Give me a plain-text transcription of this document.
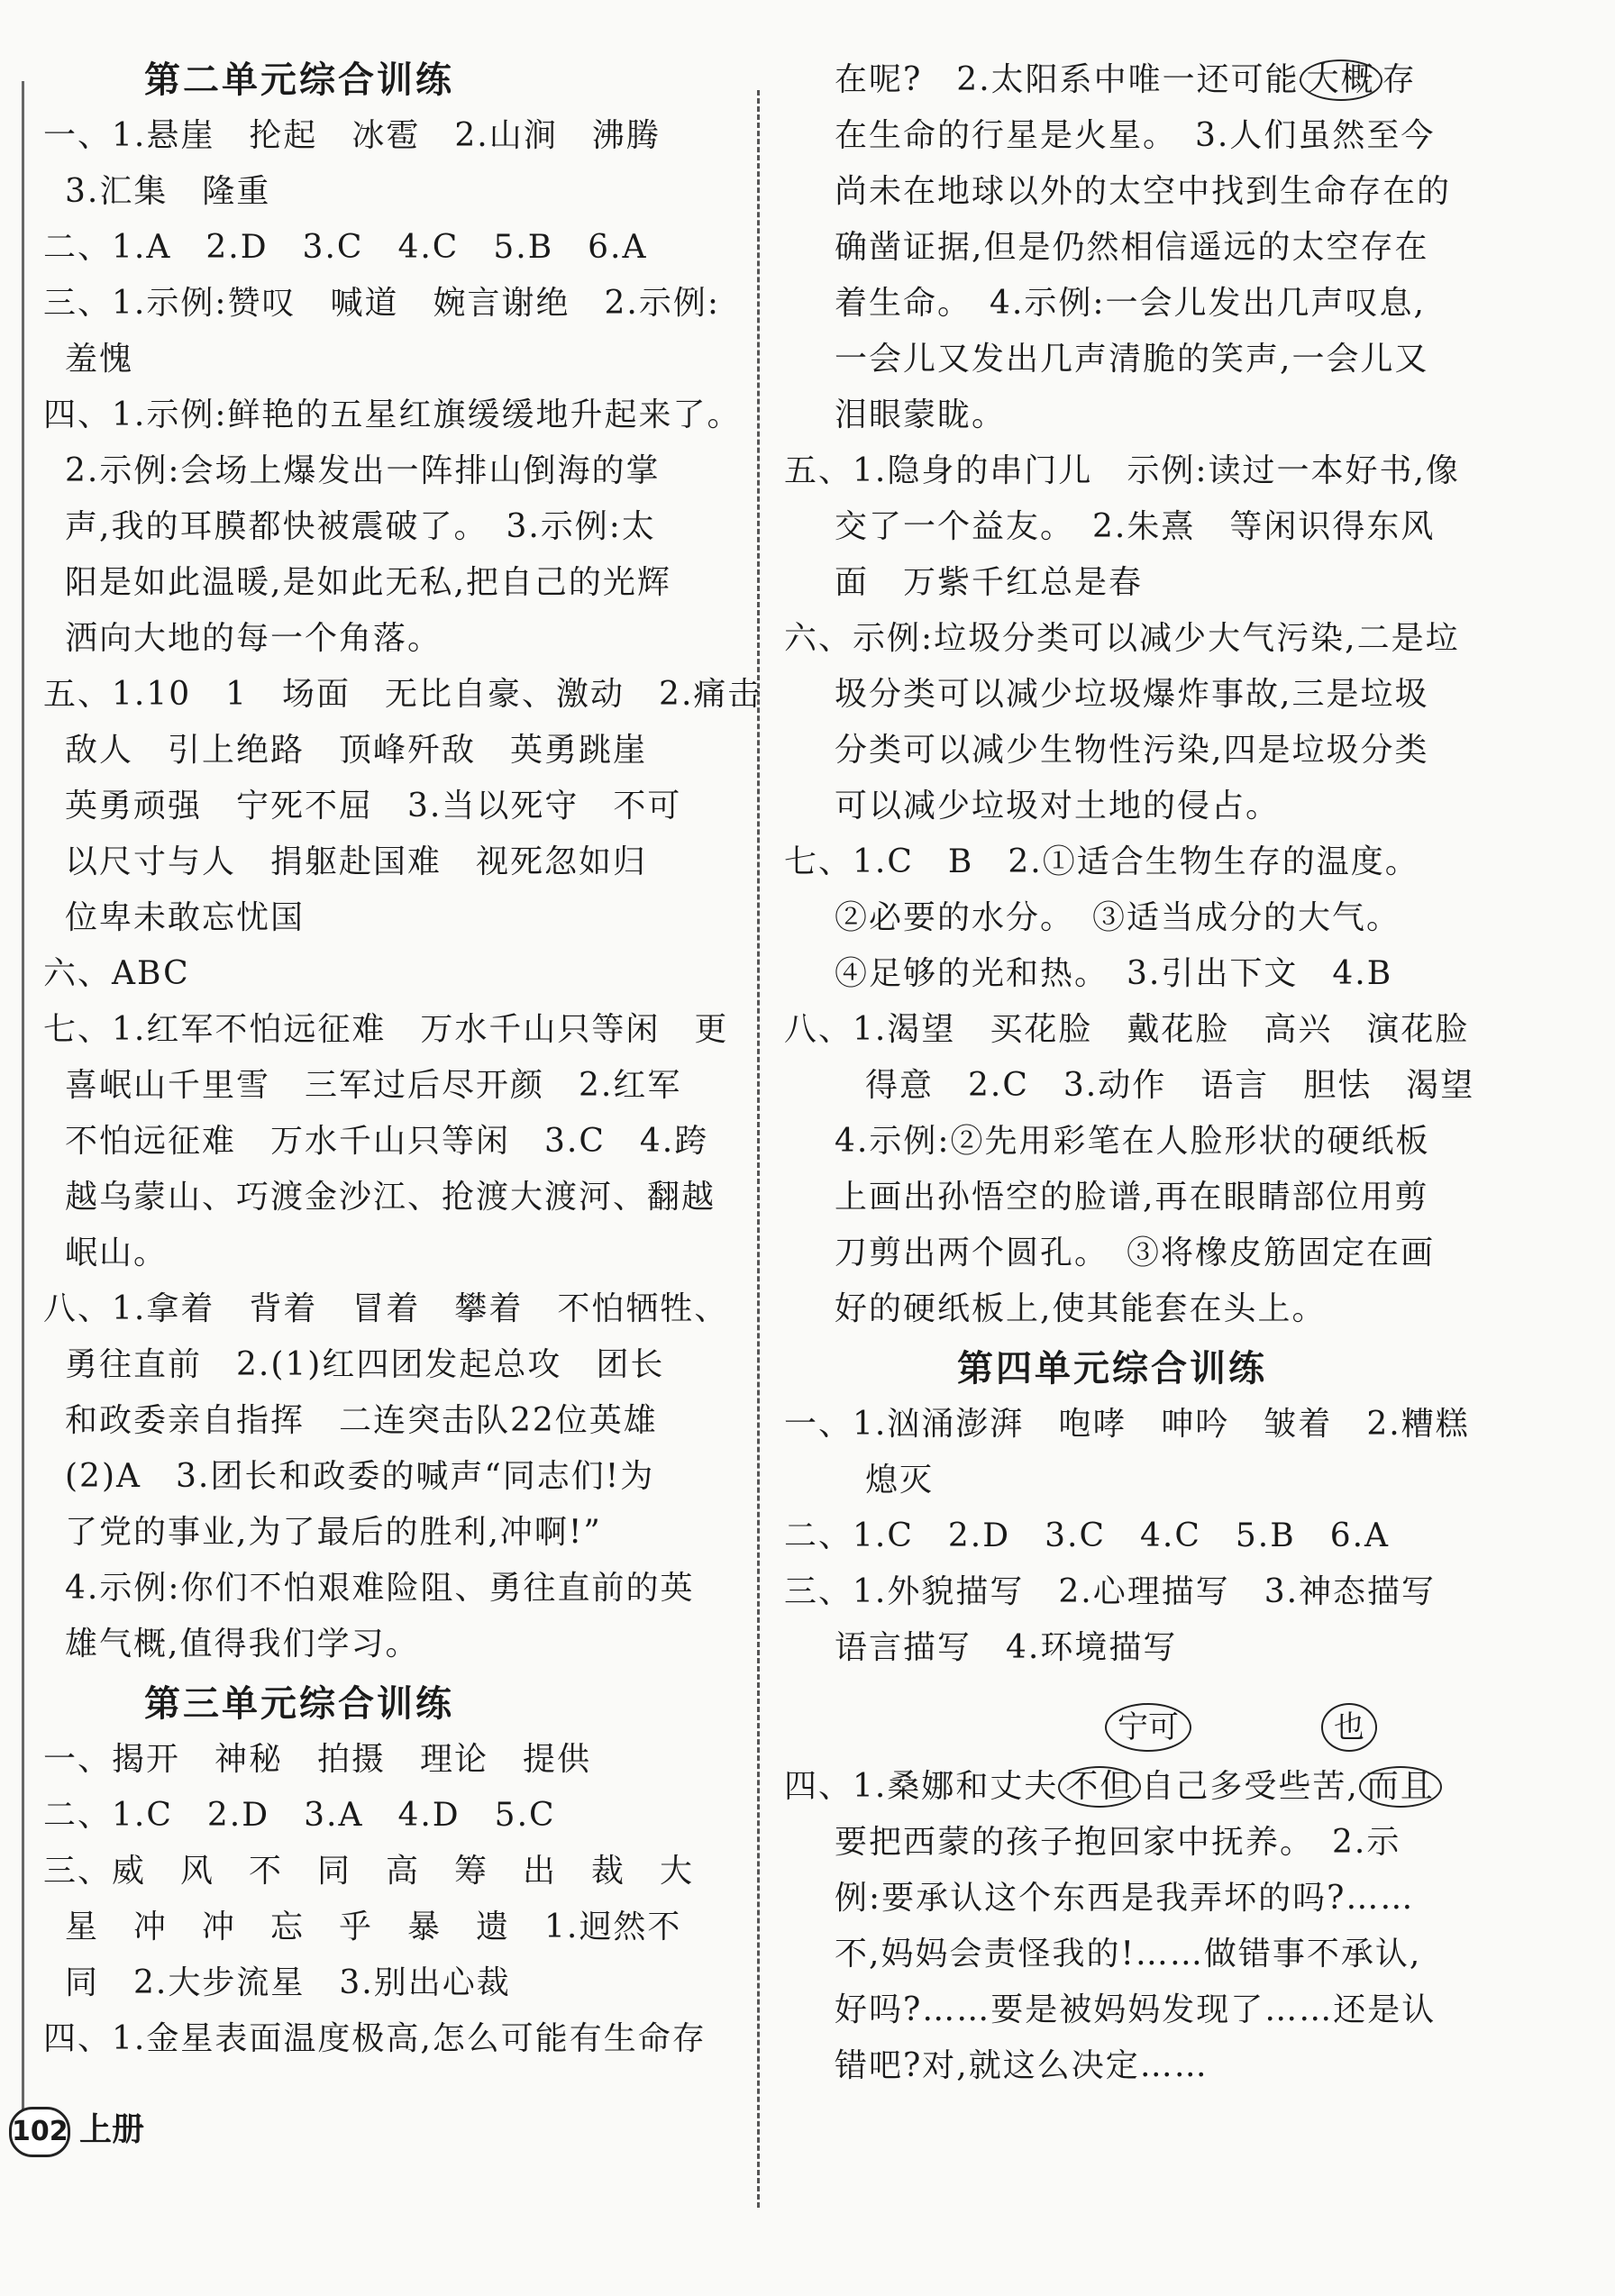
第二单元综合训练
一、1.悬崖　抡起　冰雹　2.山涧　沸腾
3.汇集　隆重
二、1.A　2.D　3.C　4.C　5.B　6.A
三、1.示例:赞叹　喊道　婉言谢绝　2.示例:
羞愧
四、1.示例:鲜艳的五星红旗缓缓地升起来了。
2.示例:会场上爆发出一阵排山倒海的掌
声,我的耳膜都快被震破了。　3.示例:太
阳是如此温暖,是如此无私,把自己的光辉
洒向大地的每一个角落。
五、1.10　1　场面　无比自豪、激动　2.痛击
敌人　引上绝路　顶峰歼敌　英勇跳崖
英勇顽强　宁死不屈　3.当以死守　不可
以尺寸与人　捐躯赴国难　视死忽如归
位卑未敢忘忧国
六、ABC
七、1.红军不怕远征难　万水千山只等闲　更
喜岷山千里雪　三军过后尽开颜　2.红军
不怕远征难　万水千山只等闲　3.C　4.跨
越乌蒙山、巧渡金沙江、抢渡大渡河、翻越
岷山。
八、1.拿着　背着　冒着　攀着　不怕牺牲、
勇往直前　2.(1)红四团发起总攻　团长
和政委亲自指挥　二连突击队22位英雄
(2)A　3.团长和政委的喊声“同志们!为
了党的事业,为了最后的胜利,冲啊!”
4.示例:你们不怕艰难险阻、勇往直前的英
雄气概,值得我们学习。
第三单元综合训练
一、揭开　神秘　拍摄　理论　提供
二、1.C　2.D　3.A　4.D　5.C
三、威　风　不　同　高　筹　出　裁　大
星　冲　冲　忘　乎　暴　遗　1.迥然不
同　2.大步流星　3.别出心裁
四、1.金星表面温度极高,怎么可能有生命存
在呢?　2.太阳系中唯一还可能 大概 存
在生命的行星是火星。　3.人们虽然至今
尚未在地球以外的太空中找到生命存在的
确凿证据,但是仍然相信遥远的太空存在
着生命。　4.示例:一会儿发出几声叹息,
一会儿又发出几声清脆的笑声,一会儿又
泪眼蒙眬。
五、1.隐身的串门儿　示例:读过一本好书,像
交了一个益友。　2.朱熹　等闲识得东风
面　万紫千红总是春
六、示例:垃圾分类可以减少大气污染,二是垃
圾分类可以减少垃圾爆炸事故,三是垃圾
分类可以减少生物性污染,四是垃圾分类
可以减少垃圾对土地的侵占。
七、1.C　B　2.①适合生物生存的温度。
②必要的水分。　③适当成分的大气。
④足够的光和热。　3.引出下文　4.B
八、1.渴望　买花脸　戴花脸　高兴　演花脸
得意　2.C　3.动作　语言　胆怯　渴望
4.示例:②先用彩笔在人脸形状的硬纸板
上画出孙悟空的脸谱,再在眼睛部位用剪
刀剪出两个圆孔。　③将橡皮筋固定在画
好的硬纸板上,使其能套在头上。
第四单元综合训练
一、1.汹涌澎湃　咆哮　呻吟　皱着　2.糟糕
熄灭
二、1.C　2.D　3.C　4.C　5.B　6.A
三、1.外貌描写　2.心理描写　3.神态描写
语言描写　4.环境描写
宁可	也
四、1.桑娜和丈夫 不但 自己多受些苦, 而且
要把西蒙的孩子抱回家中抚养。　2.示
例:要承认这个东西是我弄坏的吗?……
不,妈妈会责怪我的!……做错事不承认,
好吗?……要是被妈妈发现了……还是认
错吧?对,就这么决定……
102 上册
